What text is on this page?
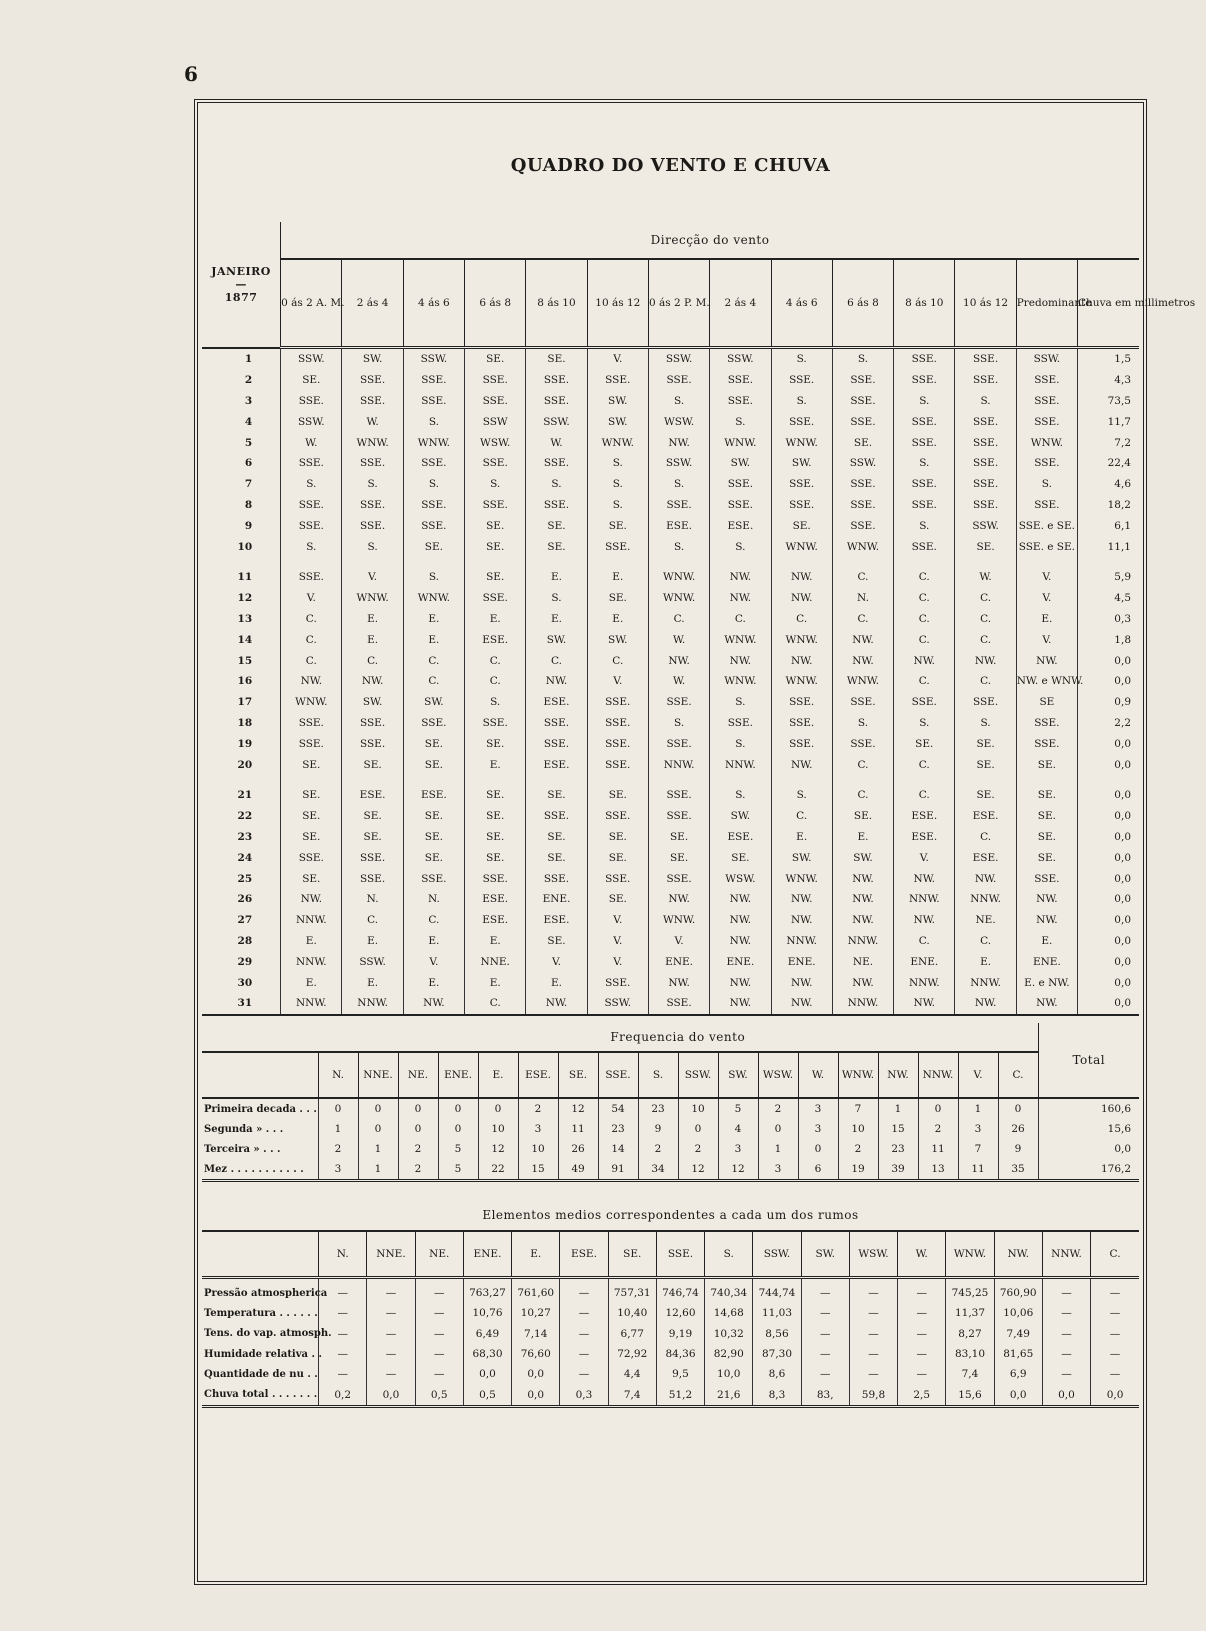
6
QUADRO DO VENTO E CHUVA
JANEIRO
—
1877	Direcção do vento													
	0 ás 2 A. M.	2 ás 4	4 ás 6	6 ás 8	8 ás 10	10 ás 12	0 ás 2 P. M.	2 ás 4	4 ás 6	6 ás 8	8 ás 10	10 ás 12	Predominante	Chuva em millimetros
1	SSW.	SW.	SSW.	SE.	SE.	V.	SSW.	SSW.	S.	S.	SSE.	SSE.	SSW.	1,5
2	SE.	SSE.	SSE.	SSE.	SSE.	SSE.	SSE.	SSE.	SSE.	SSE.	SSE.	SSE.	SSE.	4,3
3	SSE.	SSE.	SSE.	SSE.	SSE.	SW.	S.	SSE.	S.	SSE.	S.	S.	SSE.	73,5
4	SSW.	W.	S.	SSW	SSW.	SW.	WSW.	S.	SSE.	SSE.	SSE.	SSE.	SSE.	11,7
5	W.	WNW.	WNW.	WSW.	W.	WNW.	NW.	WNW.	WNW.	SE.	SSE.	SSE.	WNW.	7,2
6	SSE.	SSE.	SSE.	SSE.	SSE.	S.	SSW.	SW.	SW.	SSW.	S.	SSE.	SSE.	22,4
7	S.	S.	S.	S.	S.	S.	S.	SSE.	SSE.	SSE.	SSE.	SSE.	S.	4,6
8	SSE.	SSE.	SSE.	SSE.	SSE.	S.	SSE.	SSE.	SSE.	SSE.	SSE.	SSE.	SSE.	18,2
9	SSE.	SSE.	SSE.	SE.	SE.	SE.	ESE.	ESE.	SE.	SSE.	S.	SSW.	SSE. e SE.	6,1
10	S.	S.	SE.	SE.	SE.	SSE.	S.	S.	WNW.	WNW.	SSE.	SE.	SSE. e SE.	11,1
11	SSE.	V.	S.	SE.	E.	E.	WNW.	NW.	NW.	C.	C.	W.	V.	5,9
12	V.	WNW.	WNW.	SSE.	S.	SE.	WNW.	NW.	NW.	N.	C.	C.	V.	4,5
13	C.	E.	E.	E.	E.	E.	C.	C.	C.	C.	C.	C.	E.	0,3
14	C.	E.	E.	ESE.	SW.	SW.	W.	WNW.	WNW.	NW.	C.	C.	V.	1,8
15	C.	C.	C.	C.	C.	C.	NW.	NW.	NW.	NW.	NW.	NW.	NW.	0,0
16	NW.	NW.	C.	C.	NW.	V.	W.	WNW.	WNW.	WNW.	C.	C.	NW. e WNW.	0,0
17	WNW.	SW.	SW.	S.	ESE.	SSE.	SSE.	S.	SSE.	SSE.	SSE.	SSE.	SE	0,9
18	SSE.	SSE.	SSE.	SSE.	SSE.	SSE.	S.	SSE.	SSE.	S.	S.	S.	SSE.	2,2
19	SSE.	SSE.	SE.	SE.	SSE.	SSE.	SSE.	S.	SSE.	SSE.	SE.	SE.	SSE.	0,0
20	SE.	SE.	SE.	E.	ESE.	SSE.	NNW.	NNW.	NW.	C.	C.	SE.	SE.	0,0
21	SE.	ESE.	ESE.	SE.	SE.	SE.	SSE.	S.	S.	C.	C.	SE.	SE.	0,0
22	SE.	SE.	SE.	SE.	SSE.	SSE.	SSE.	SW.	C.	SE.	ESE.	ESE.	SE.	0,0
23	SE.	SE.	SE.	SE.	SE.	SE.	SE.	ESE.	E.	E.	ESE.	C.	SE.	0,0
24	SSE.	SSE.	SE.	SE.	SE.	SE.	SE.	SE.	SW.	SW.	V.	ESE.	SE.	0,0
25	SE.	SSE.	SSE.	SSE.	SSE.	SSE.	SSE.	WSW.	WNW.	NW.	NW.	NW.	SSE.	0,0
26	NW.	N.	N.	ESE.	ENE.	SE.	NW.	NW.	NW.	NW.	NNW.	NNW.	NW.	0,0
27	NNW.	C.	C.	ESE.	ESE.	V.	WNW.	NW.	NW.	NW.	NW.	NE.	NW.	0,0
28	E.	E.	E.	E.	SE.	V.	V.	NW.	NNW.	NNW.	C.	C.	E.	0,0
29	NNW.	SSW.	V.	NNE.	V.	V.	ENE.	ENE.	ENE.	NE.	ENE.	E.	ENE.	0,0
30	E.	E.	E.	E.	E.	SSE.	NW.	NW.	NW.	NW.	NNW.	NNW.	E. e NW.	0,0
31	NNW.	NNW.	NW.	C.	NW.	SSW.	SSE.	NW.	NW.	NNW.	NW.	NW.	NW.	0,0
	Frequencia do vento																		Total
	N.	NNE.	NE.	ENE.	E.	ESE.	SE.	SSE.	S.	SSW.	SW.	WSW.	W.	WNW.	NW.	NNW.	V.	C.	
Primeira decada . . .	0	0	0	0	0	2	12	54	23	10	5	2	3	7	1	0	1	0	160,6
Segunda » . . .	1	0	0	0	10	3	11	23	9	0	4	0	3	10	15	2	3	26	15,6
Terceira » . . .	2	1	2	5	12	10	26	14	2	2	3	1	0	2	23	11	7	9	0,0
Mez . . . . . . . . . . .	3	1	2	5	22	15	49	91	34	12	12	3	6	19	39	13	11	35	176,2
Elementos medios correspondentes a cada um dos rumos																	
	N.	NNE.	NE.	ENE.	E.	ESE.	SE.	SSE.	S.	SSW.	SW.	WSW.	W.	WNW.	NW.	NNW.	C.
Pressão atmospherica	—	—	—	763,27	761,60	—	757,31	746,74	740,34	744,74	—	—	—	745,25	760,90	—	—
Temperatura . . . . . .	—	—	—	10,76	10,27	—	10,40	12,60	14,68	11,03	—	—	—	11,37	10,06	—	—
Tens. do vap. atmosph.	—	—	—	6,49	7,14	—	6,77	9,19	10,32	8,56	—	—	—	8,27	7,49	—	—
Humidade relativa . .	—	—	—	68,30	76,60	—	72,92	84,36	82,90	87,30	—	—	—	83,10	81,65	—	—
Quantidade de nu . .	—	—	—	0,0	0,0	—	4,4	9,5	10,0	8,6	—	—	—	7,4	6,9	—	—
Chuva total . . . . . . .	0,2	0,0	0,5	0,5	0,0	0,3	7,4	51,2	21,6	8,3	83,	59,8	2,5	15,6	0,0	0,0	0,0
